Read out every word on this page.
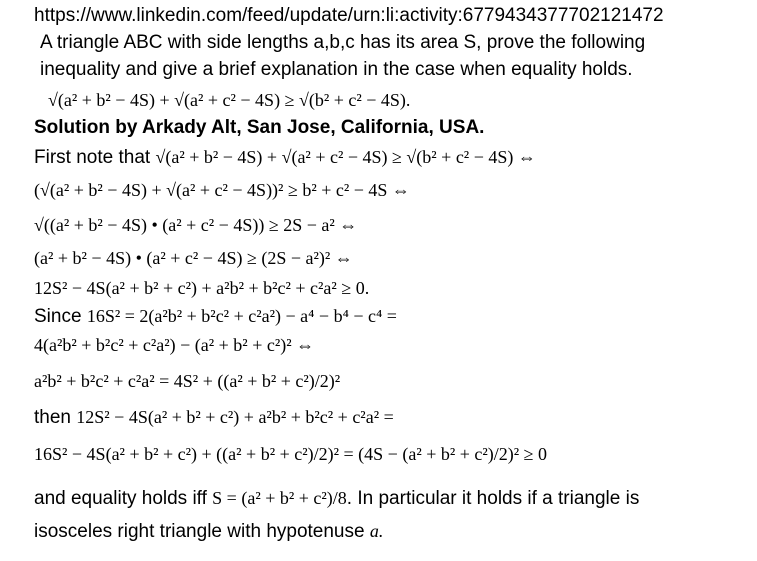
https://www.linkedin.com/feed/update/urn:li:activity:6779434377702121472
A triangle ABC with side lengths a,b,c has its area S, prove the following
inequality and give a brief explanation in the case when equality holds.
√(a² + b² − 4S) + √(a² + c² − 4S) ≥ √(b² + c² − 4S).
Solution by Arkady Alt, San Jose, California, USA.
First note that √(a² + b² − 4S) + √(a² + c² − 4S) ≥ √(b² + c² − 4S) ⇔
(√(a² + b² − 4S) + √(a² + c² − 4S))² ≥ b² + c² − 4S ⇔
√((a² + b² − 4S) • (a² + c² − 4S)) ≥ 2S − a² ⇔
(a² + b² − 4S) • (a² + c² − 4S) ≥ (2S − a²)² ⇔
12S² − 4S(a² + b² + c²) + a²b² + b²c² + c²a² ≥ 0.
Since 16S² = 2(a²b² + b²c² + c²a²) − a⁴ − b⁴ − c⁴ =
4(a²b² + b²c² + c²a²) − (a² + b² + c²)² ⇔
a²b² + b²c² + c²a² = 4S² + ((a² + b² + c²)/2)²
then 12S² − 4S(a² + b² + c²) + a²b² + b²c² + c²a² =
16S² − 4S(a² + b² + c²) + ((a² + b² + c²)/2)² = (4S − (a² + b² + c²)/2)² ≥ 0
and equality holds iff S = (a² + b² + c²)/8. In particular it holds if a triangle is
isosceles right triangle with hypotenuse a.
